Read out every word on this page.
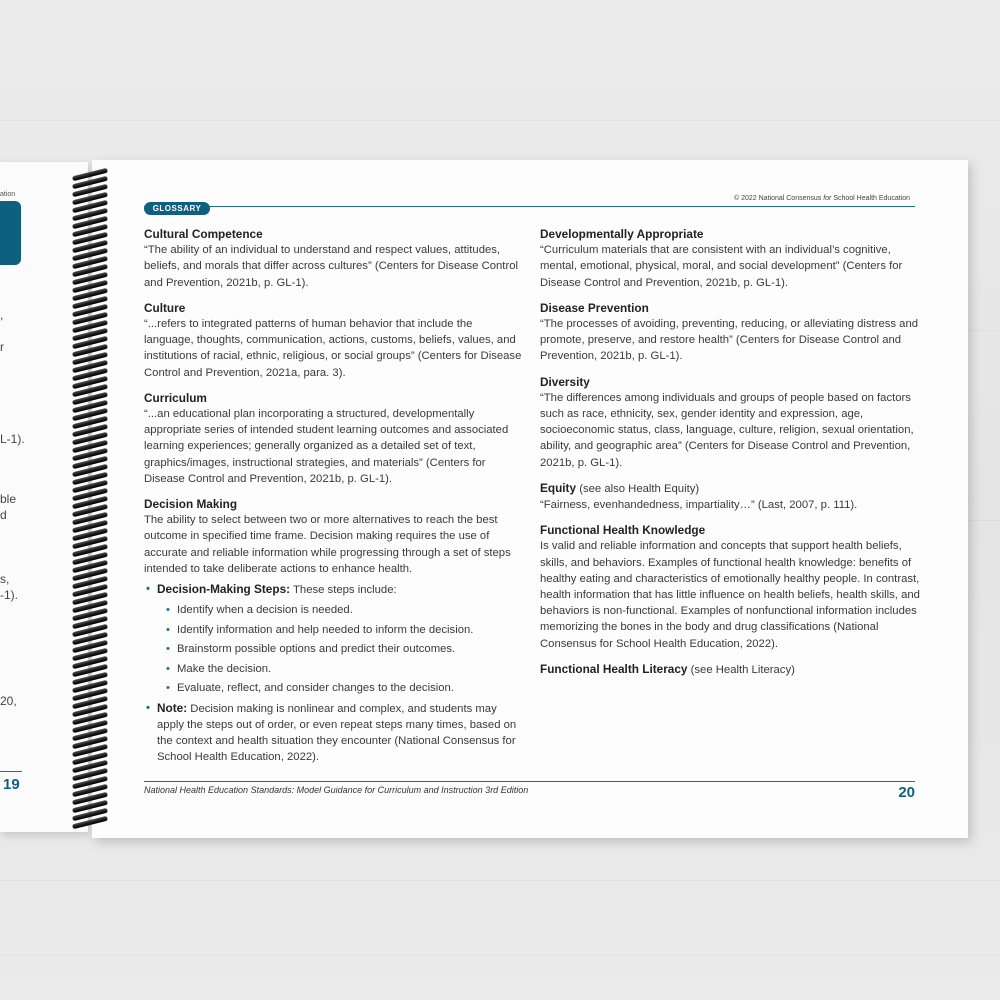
ation
,
r
L-1).
ble
d
s,
-1).
20,
19
© 2022 National Consensus for School Health Education
GLOSSARY
Cultural Competence
“The ability of an individual to understand and respect values, attitudes, beliefs, and morals that differ across cultures” (Centers for Disease Control and Prevention, 2021b, p. GL-1).
Culture
“...refers to integrated patterns of human behavior that include the language, thoughts, communication, actions, customs, beliefs, values, and institutions of racial, ethnic, religious, or social groups” (Centers for Disease Control and Prevention, 2021a, para. 3).
Curriculum
“...an educational plan incorporating a structured, developmentally appropriate series of intended student learning outcomes and associated learning experiences; generally organized as a detailed set of text, graphics/images, instructional strategies, and materials” (Centers for Disease Control and Prevention, 2021b, p. GL-1).
Decision Making
The ability to select between two or more alternatives to reach the best outcome in specified time frame. Decision making requires the use of accurate and reliable information while progressing through a set of steps intended to take deliberate actions to enhance health.
• Decision-Making Steps: These steps include:
• Identify when a decision is needed.
• Identify information and help needed to inform the decision.
• Brainstorm possible options and predict their outcomes.
• Make the decision.
• Evaluate, reflect, and consider changes to the decision.
• Note: Decision making is nonlinear and complex, and students may apply the steps out of order, or even repeat steps many times, based on the context and health situation they encounter (National Consensus for School Health Education, 2022).
Developmentally Appropriate
“Curriculum materials that are consistent with an individual’s cognitive, mental, emotional, physical, moral, and social development” (Centers for Disease Control and Prevention, 2021b, p. GL-1).
Disease Prevention
“The processes of avoiding, preventing, reducing, or alleviating distress and promote, preserve, and restore health” (Centers for Disease Control and Prevention, 2021b, p. GL-1).
Diversity
“The differences among individuals and groups of people based on factors such as race, ethnicity, sex, gender identity and expression, age, socioeconomic status, class, language, culture, religion, sexual orientation, ability, and geographic area” (Centers for Disease Control and Prevention, 2021b, p. GL-1).
Equity (see also Health Equity)
“Fairness, evenhandedness, impartiality…” (Last, 2007, p. 111).
Functional Health Knowledge
Is valid and reliable information and concepts that support health beliefs, skills, and behaviors. Examples of functional health knowledge: benefits of healthy eating and characteristics of emotionally healthy people. In contrast, health information that has little influence on health beliefs, health skills, and behaviors is non-functional. Examples of nonfunctional information includes memorizing the bones in the body and drug classifications (National Consensus for School Health Education, 2022).
Functional Health Literacy (see Health Literacy)
National Health Education Standards: Model Guidance for Curriculum and Instruction 3rd Edition	20
